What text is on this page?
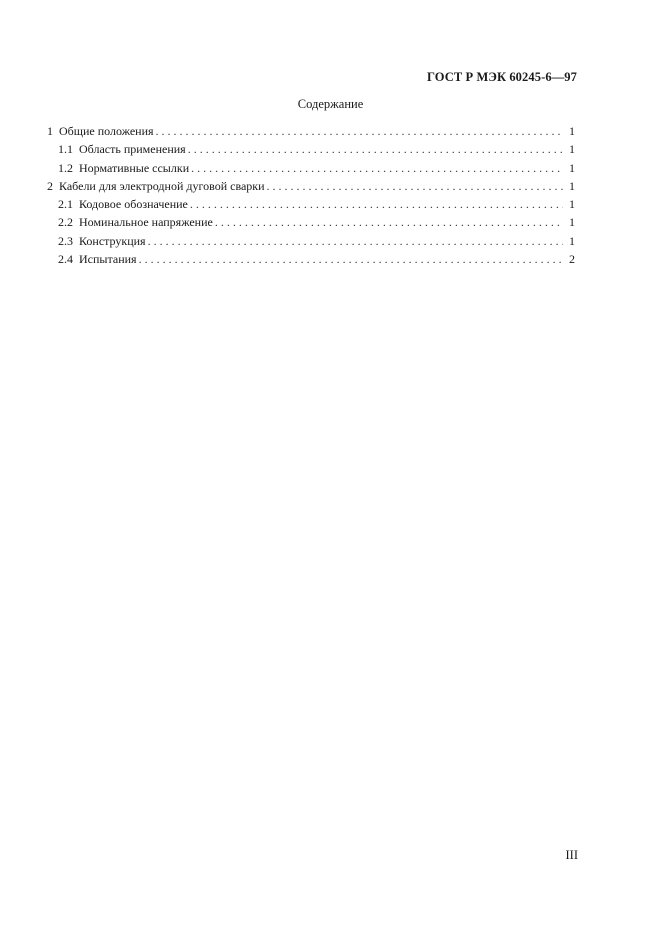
ГОСТ Р МЭК 60245-6—97
Содержание
1 Общие положения . . .	1
1.1 Область применения . . .	1
1.2 Нормативные ссылки . . .	1
2 Кабели для электродной дуговой сварки . . .	1
2.1 Кодовое обозначение . . .	1
2.2 Номинальное напряжение . . .	1
2.3 Конструкция . . .	1
2.4 Испытания . . .	2
III
